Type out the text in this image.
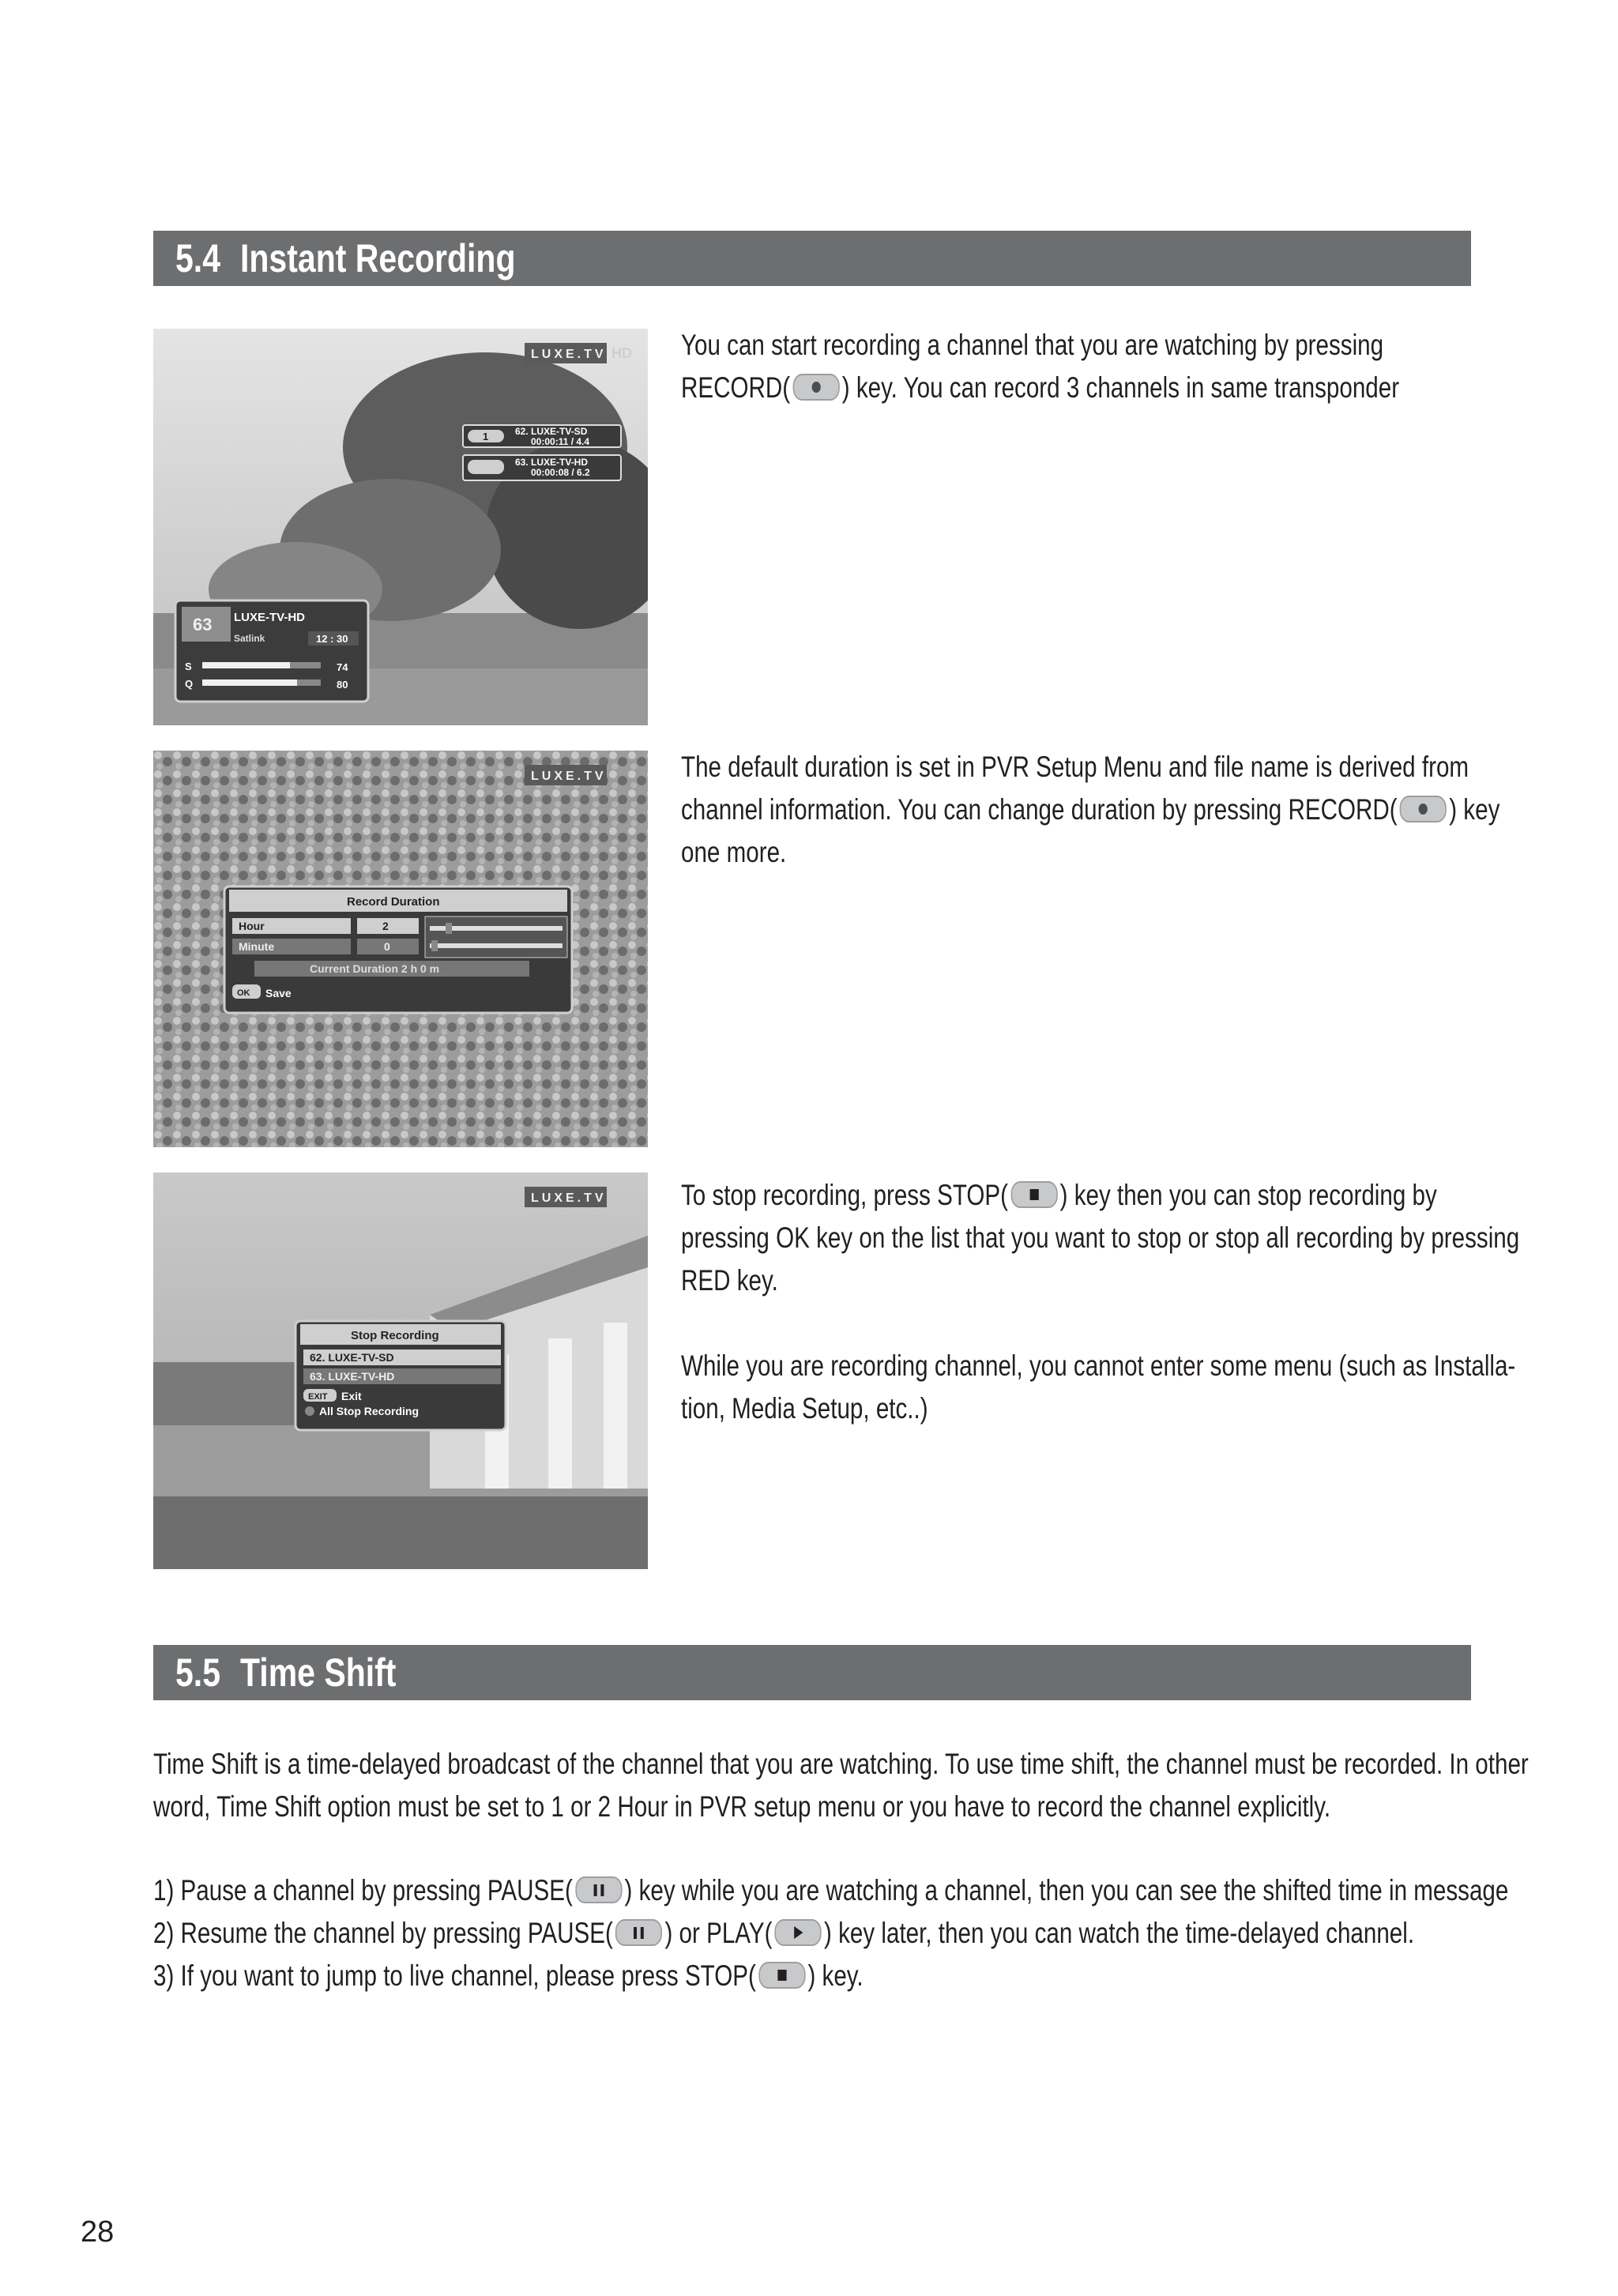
5.4 Instant Recording
LUXE.TV HD
1	62. LUXE-TV-SD
00:00:11 / 4.4
63. LUXE-TV-HD
00:00:08 / 6.2
63 LUXE-TV-HD
Satlink	12 : 30
S	74
Q	80
You can start recording a channel that you are watching by pressing
RECORD( ) key. You can record 3 channels in same transponder
LUXE.TV
Record Duration
Hour	2
Minute	0
Current Duration 2 h 0 m
OK Save
The default duration is set in PVR Setup Menu and file name is derived from
channel information. You can change duration by pressing RECORD( ) key
one more.
LUXE.TV
Stop Recording
62. LUXE-TV-SD
63. LUXE-TV-HD
EXIT Exit
All Stop Recording
To stop recording, press STOP( ) key then you can stop recording by
pressing OK key on the list that you want to stop or stop all recording by pressing
RED key.
While you are recording channel, you cannot enter some menu (such as Installa-
tion, Media Setup, etc..)
5.5 Time Shift
Time Shift is a time-delayed broadcast of the channel that you are watching. To use time shift, the channel must be recorded. In other
word, Time Shift option must be set to 1 or 2 Hour in PVR setup menu or you have to record the channel explicitly.
1) Pause a channel by pressing PAUSE( ) key while you are watching a channel, then you can see the shifted time in message
2) Resume the channel by pressing PAUSE( ) or PLAY( ) key later, then you can watch the time-delayed channel.
3) If you want to jump to live channel, please press STOP( ) key.
28
